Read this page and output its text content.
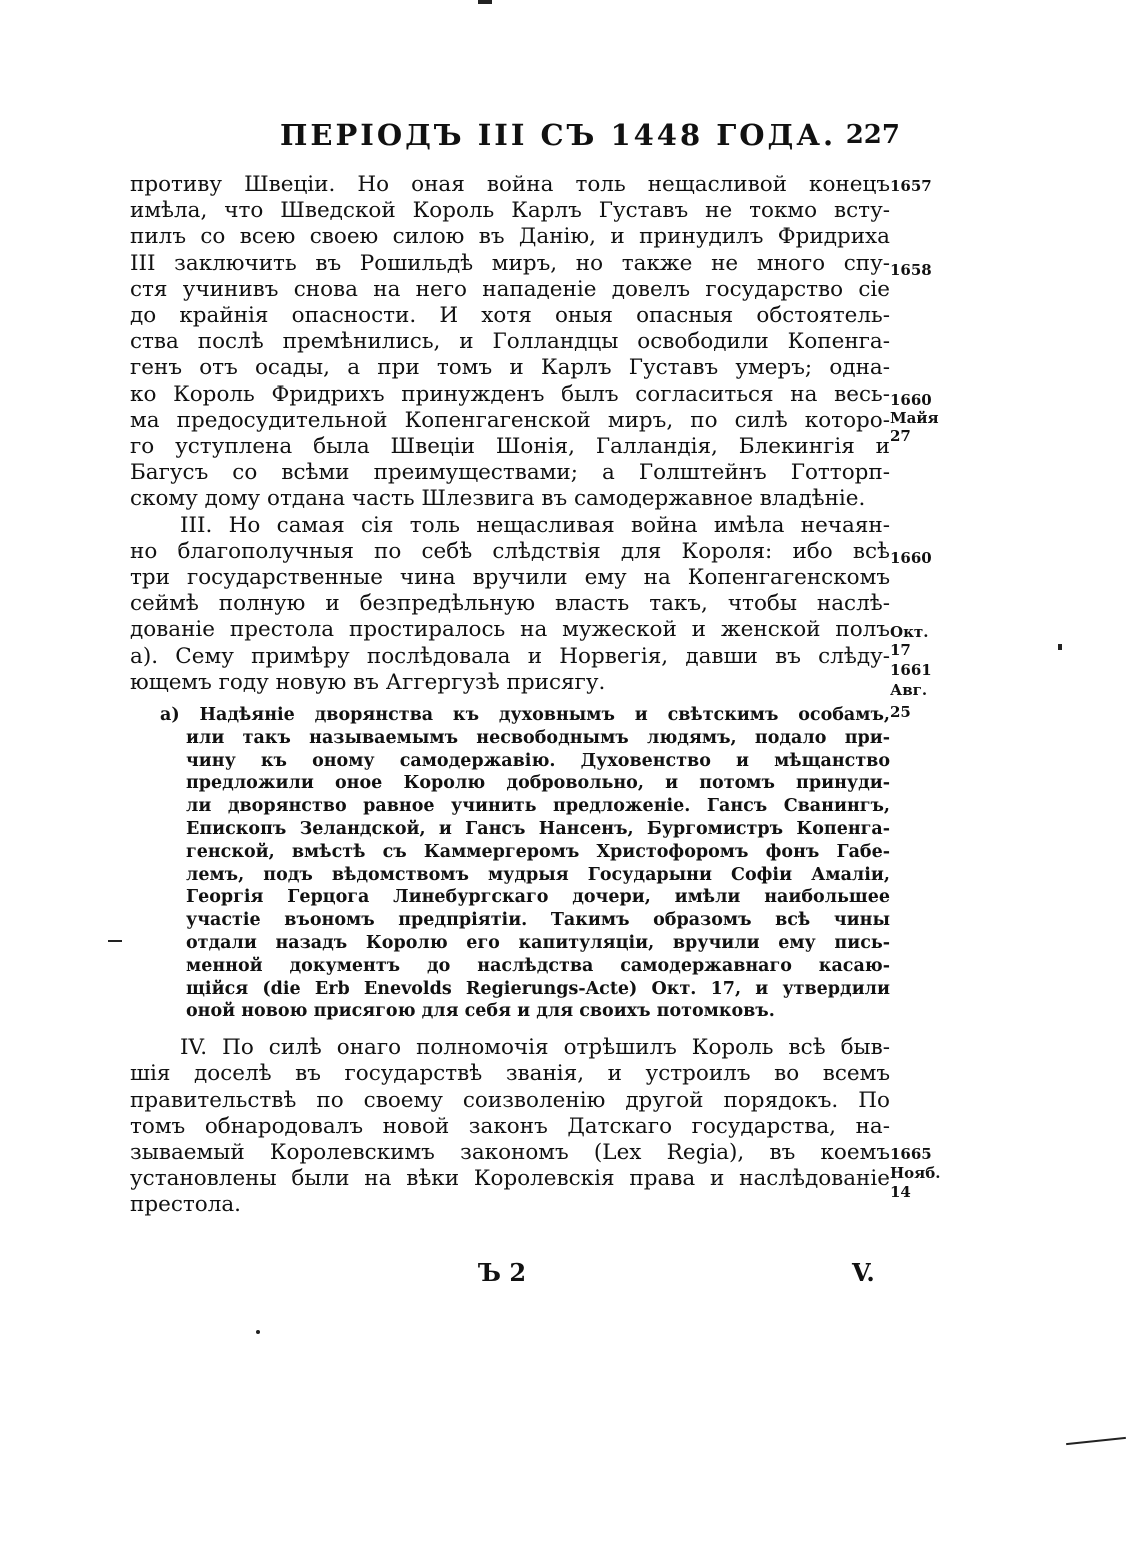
ПЕРІОДЪ III СЪ 1448 ГОДА. 227
противу Швеціи. Но оная война толь нещасливой конецъ
имѣла, что Шведской Король Карлъ Густавъ не токмо всту-
пилъ со всею своею силою въ Данію, и принудилъ Фридриха
III заключить въ Рошильдѣ миръ, но также не много спу-
стя учинивъ снова на него нападеніе довелъ государство сіе
до крайнія опасности. И хотя оныя опасныя обстоятель-
ства послѣ премѣнились, и Голландцы освободили Копенга-
генъ отъ осады, а при томъ и Карлъ Густавъ умеръ; одна-
ко Король Фридрихъ принужденъ былъ согласиться на весь-
ма предосудительной Копенгагенской миръ, по силѣ которо-
го уступлена была Швеціи Шонія, Галландія, Блекингія и
Багусъ со всѣми преимуществами; а Голштейнъ Готторп-
скому дому отдана часть Шлезвига въ самодержавное владѣніе.
III. Но самая сія толь нещасливая война имѣла нечаян-
но благополучныя по себѣ слѣдствія для Короля: ибо всѣ
три государственные чина вручили ему на Копенгагенскомъ
сеймѣ полную и безпредѣльную власть такъ, чтобы наслѣ-
дованіе престола простиралось на мужеской и женской полъ
а). Сему примѣру послѣдовала и Норвегія, давши въ слѣду-
ющемъ году новую въ Аггергузѣ присягу.
а) Надѣяніе дворянства къ духовнымъ и свѣтскимъ особамъ,
или такъ называемымъ несвободнымъ людямъ, подало при-
чину къ оному самодержавію. Духовенство и мѣщанство
предложили оное Королю добровольно, и потомъ принуди-
ли дворянство равное учинить предложеніе. Гансъ Сванингъ,
Епископъ Зеландской, и Гансъ Нансенъ, Бургомистръ Копенга-
генской, вмѣстѣ съ Каммергеромъ Христофоромъ фонъ Габе-
лемъ, подъ вѣдомствомъ мудрыя Государыни Софіи Амаліи,
Георгія Герцога Линебургскаго дочери, имѣли наибольшее
участіе въономъ предпріятіи. Такимъ образомъ всѣ чины
отдали назадъ Королю его капитуляціи, вручили ему пись-
менной документъ до наслѣдства самодержавнаго касаю-
щійся (die Erb Enevolds Regierungs-Acte) Окт. 17, и утвердили
оной новою присягою для себя и для своихъ потомковъ.
IV. По силѣ онаго полномочія отрѣшилъ Король всѣ быв-
шія доселѣ въ государствѣ званія, и устроилъ во всемъ
правительствѣ по своему соизволенію другой порядокъ. По
томъ обнародовалъ новой законъ Датскаго государства, на-
зываемый Королевскимъ закономъ (Lex Regia), въ коемъ
установлены были на вѣки Королевскія права и наслѣдованіе
престола.
1657
1658
1660
Майя
27
1660
Окт.
17
1661
Авг.
25
1665
Нояб.
14
Ъ 2	V.
